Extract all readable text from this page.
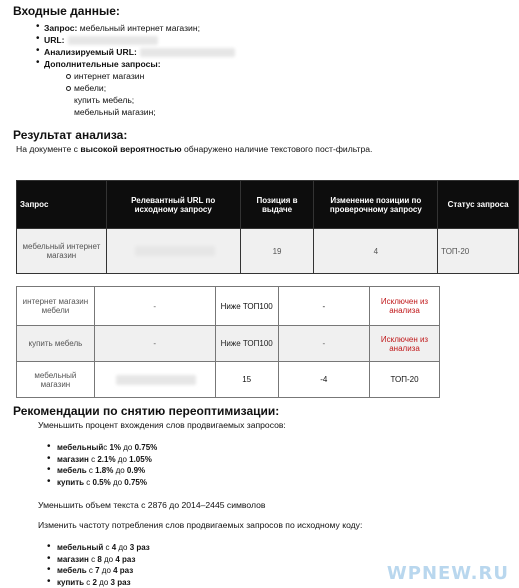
Входные данные:
• Запрос: мебельный интернет магазин;
• URL:
• Анализируемый URL:
• Дополнительные запросы:
интернет магазин
мебели;
купить мебель;
мебельный магазин;
Результат анализа:
На документе с высокой вероятностью обнаружено наличие текстового пост-фильтра.
Запрос	Релевантный URL по исходному запросу	Позиция в выдаче	Изменение позиции по проверочному запросу	Статус запроса
мебельный интернет магазин		19	4	ТОП-20
интернет магазин мебели	-	Ниже ТОП100	-	Исключен из анализа
купить мебель	-	Ниже ТОП100	-	Исключен из анализа
мебельный магазин		15	-4	ТОП-20
Рекомендации по снятию переоптимизации:
Уменьшить процент вхождения слов продвигаемых запросов:
• мебельныйс 1% до 0.75%
• магазин с 2.1% до 1.05%
• мебель с 1.8% до 0.9%
• купить с 0.5% до 0.75%
Уменьшить объем текста с 2876 до 2014–2445 символов
Изменить частоту потребления слов продвигаемых запросов по исходному коду:
• мебельный с 4 до 3 раз
• магазин с 8 до 4 раз
• мебель с 7 до 4 раз
• купить с 2 до 3 раз	WPNEW.RU
